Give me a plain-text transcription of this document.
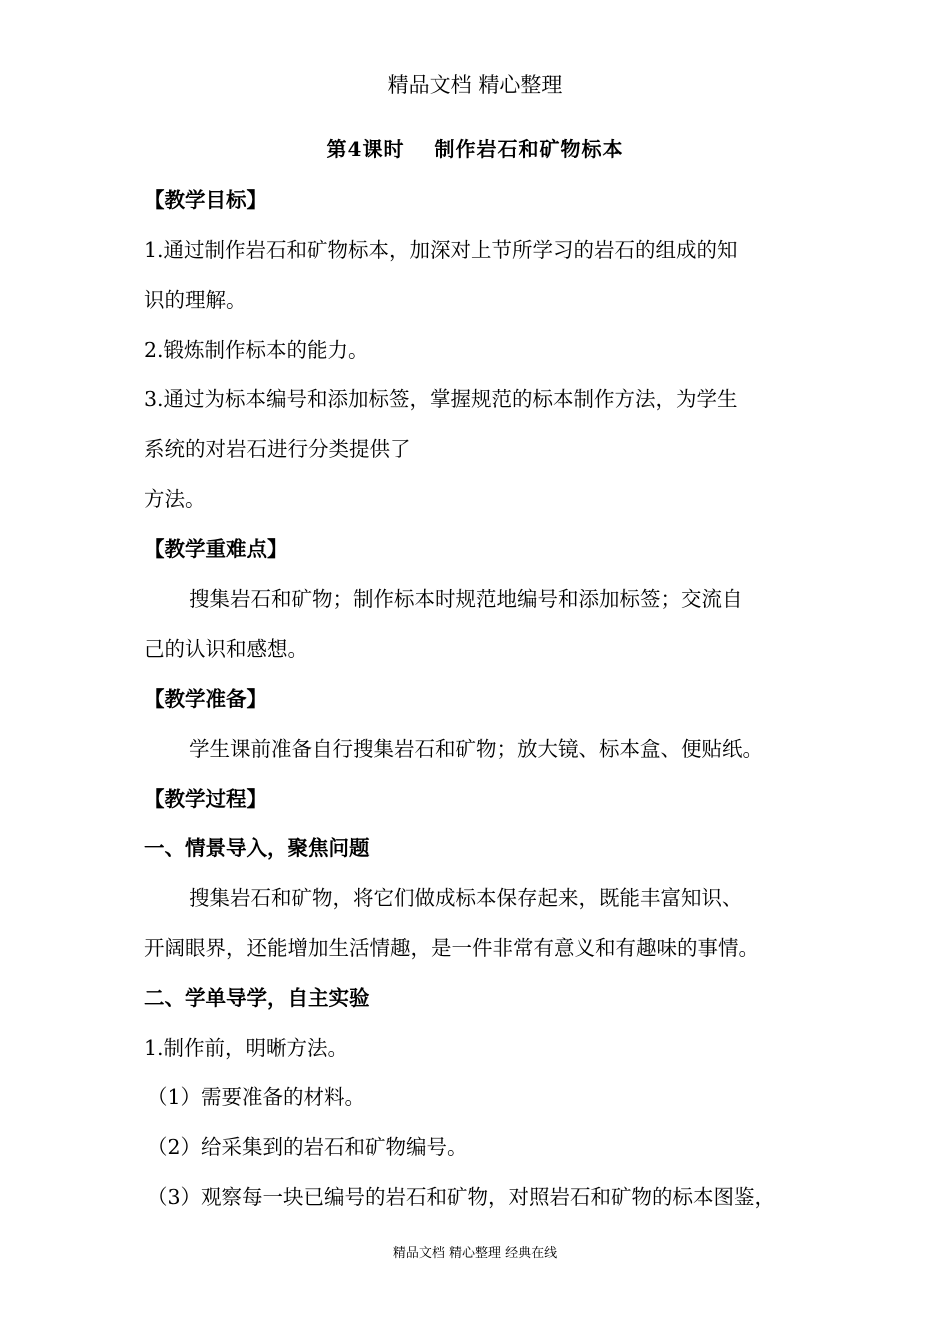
精品文档 精心整理
第4课时 制作岩石和矿物标本
【教学目标】
1.通过制作岩石和矿物标本，加深对上节所学习的岩石的组成的知
识的理解。
2.锻炼制作标本的能力。
3.通过为标本编号和添加标签，掌握规范的标本制作方法，为学生
系统的对岩石进行分类提供了
方法。
【教学重难点】
搜集岩石和矿物；制作标本时规范地编号和添加标签；交流自
己的认识和感想。
【教学准备】
学生课前准备自行搜集岩石和矿物；放大镜、标本盒、便贴纸。
【教学过程】
一、情景导入，聚焦问题
搜集岩石和矿物，将它们做成标本保存起来，既能丰富知识、
开阔眼界，还能增加生活情趣，是一件非常有意义和有趣味的事情。
二、学单导学，自主实验
1.制作前，明晰方法。
（1）需要准备的材料。
（2）给采集到的岩石和矿物编号。
（3）观察每一块已编号的岩石和矿物，对照岩石和矿物的标本图鉴，
精品文档 精心整理 经典在线
